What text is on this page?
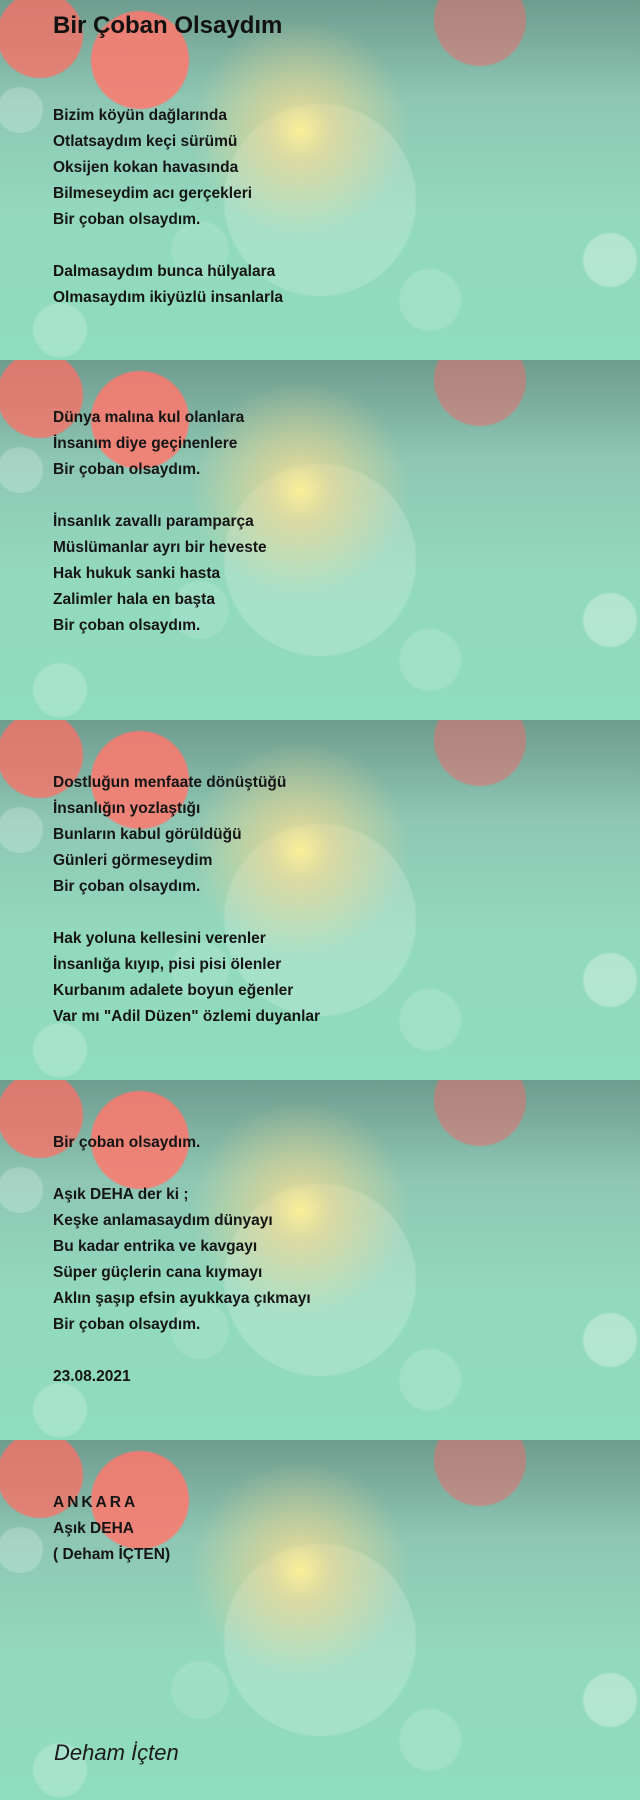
Bir Çoban Olsaydım
Bizim köyün dağlarında
Otlatsaydım keçi sürümü
Oksijen kokan havasında
Bilmeseydim acı gerçekleri
Bir çoban olsaydım.
Dalmasaydım bunca hülyalara
Olmasaydım ikiyüzlü insanlarla
Dünya malına kul olanlara
İnsanım diye geçinenlere
Bir çoban olsaydım.
İnsanlık zavallı paramparça
Müslümanlar ayrı bir heveste
Hak hukuk sanki hasta
Zalimler hala en başta
Bir çoban olsaydım.
Dostluğun menfaate dönüştüğü
İnsanlığın yozlaştığı
Bunların kabul görüldüğü
Günleri görmeseydim
Bir çoban olsaydım.
Hak yoluna kellesini verenler
İnsanlığa kıyıp, pisi pisi ölenler
Kurbanım adalete boyun eğenler
Var mı "Adil Düzen" özlemi duyanlar
Bir çoban olsaydım.
Aşık DEHA der ki ;
Keşke anlamasaydım dünyayı
Bu kadar entrika ve kavgayı
Süper güçlerin cana kıymayı
Aklın şaşıp efsin ayukkaya çıkmayı
Bir çoban olsaydım.
23.08.2021
ANKARA
Aşık DEHA
( Deham İÇTEN)

Deham İçten
